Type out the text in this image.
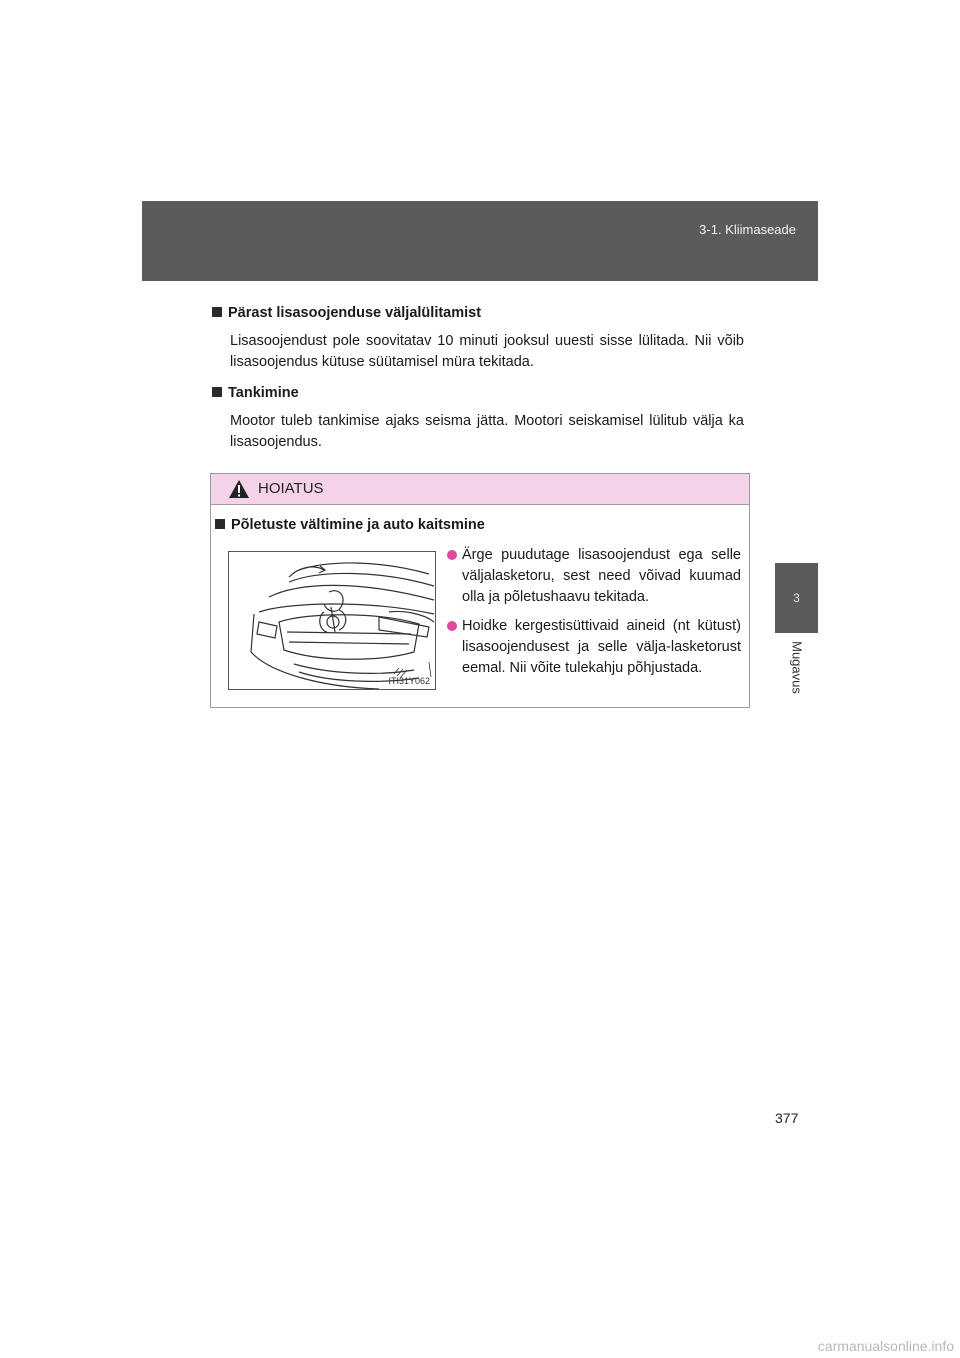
3-1. Kliimaseade
3
Mugavus
Pärast lisasoojenduse väljalülitamist

Lisasoojendust pole soovitatav 10 minuti jooksul uuesti sisse lülitada. Nii võib lisasoojendus kütuse süütamisel müra tekitada.

Tankimine

Mootor tuleb tankimise ajaks seisma jätta. Mootori seiskamisel lülitub välja ka lisasoojendus.

HOIATUS
Põletuste vältimine ja auto kaitsmine
ITI31Y062
Ärge puudutage lisasoojendust ega selle väljalasketoru, sest need võivad kuumad olla ja põletushaavu tekitada.
Hoidke kergestisüttivaid aineid (nt kütust) lisasoojendusest ja selle välja-lasketorust eemal. Nii võite tulekahju põhjustada.
377
carmanualsonline.info
